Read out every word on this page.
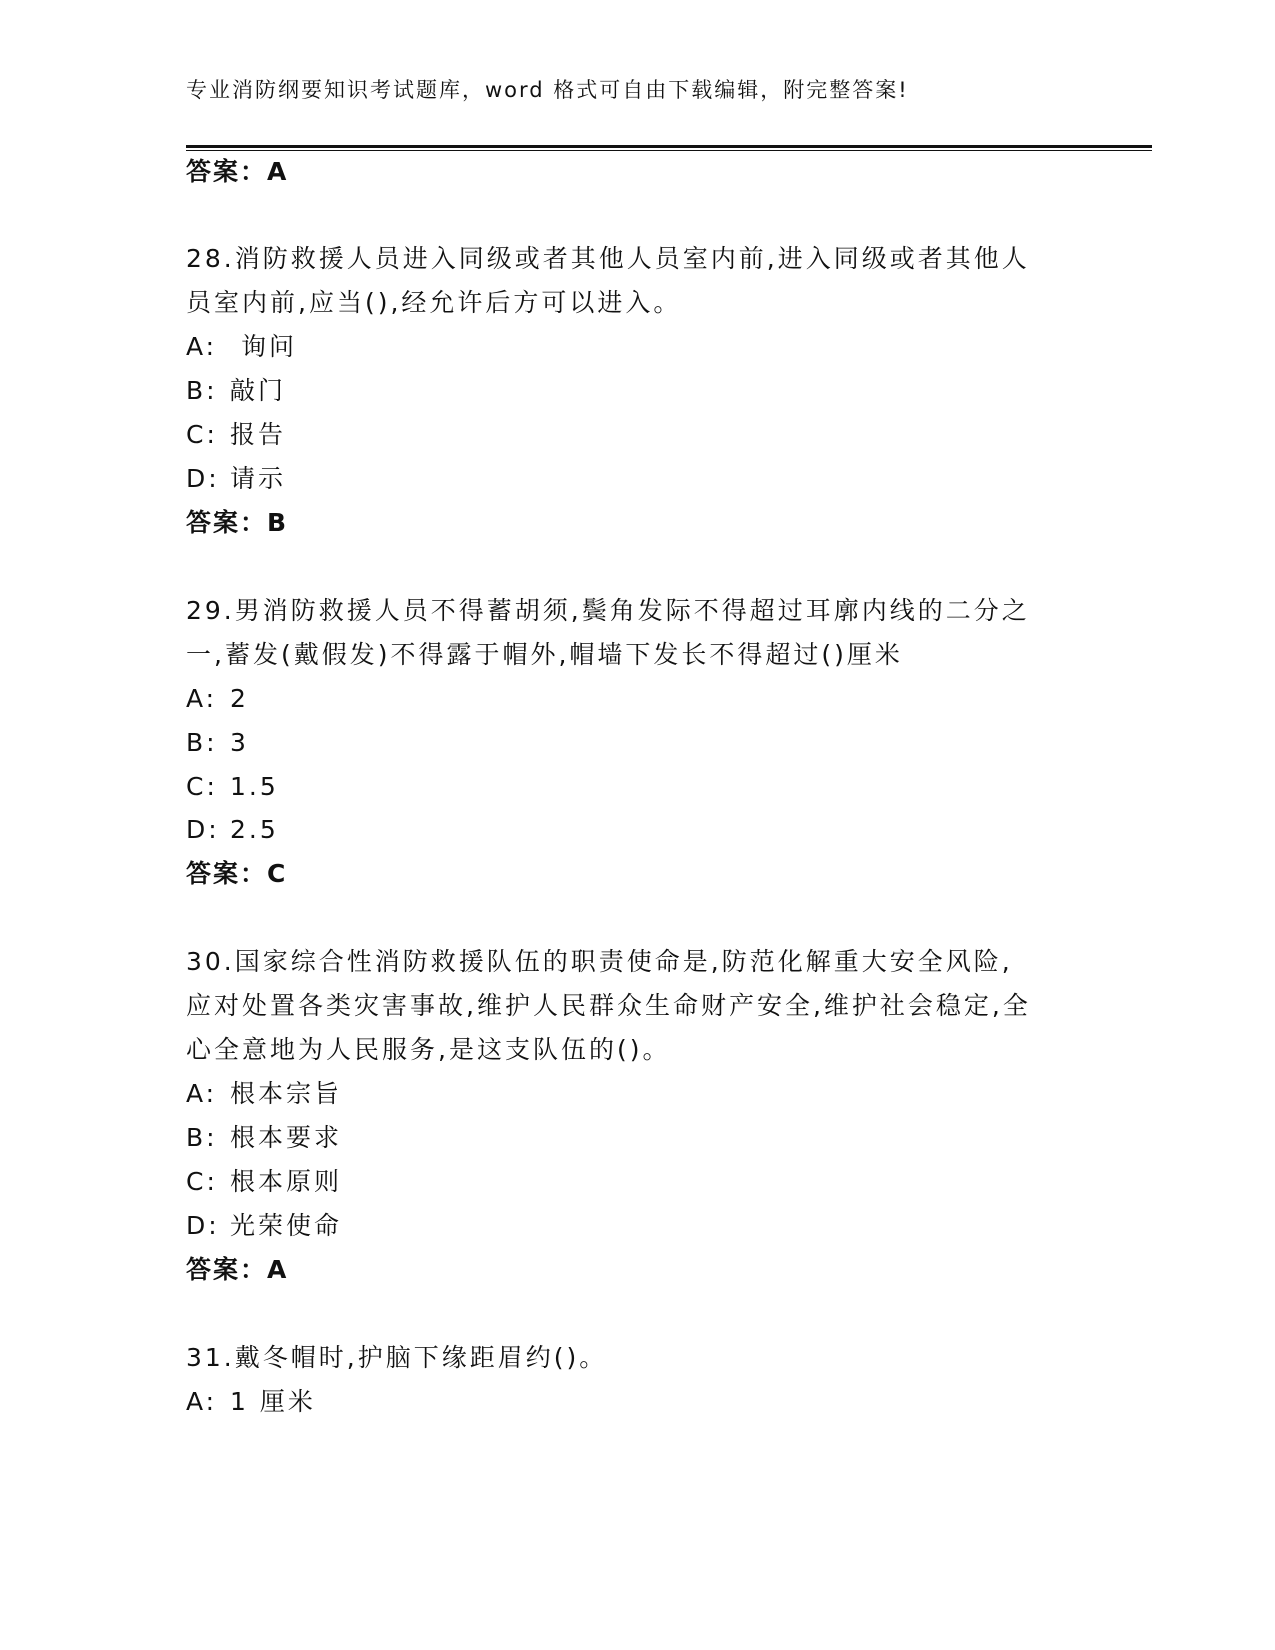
专业消防纲要知识考试题库，word 格式可自由下载编辑，附完整答案!
答案：A
28.消防救援人员进入同级或者其他人员室内前,进入同级或者其他人
员室内前,应当(),经允许后方可以进入。
A: 询问
B: 敲门
C: 报告
D: 请示
答案：B
29.男消防救援人员不得蓄胡须,鬓角发际不得超过耳廓内线的二分之
一,蓄发(戴假发)不得露于帽外,帽墙下发长不得超过()厘米
A: 2
B: 3
C: 1.5
D: 2.5
答案：C
30.国家综合性消防救援队伍的职责使命是,防范化解重大安全风险,
应对处置各类灾害事故,维护人民群众生命财产安全,维护社会稳定,全
心全意地为人民服务,是这支队伍的()。
A: 根本宗旨
B: 根本要求
C: 根本原则
D: 光荣使命
答案：A
31.戴冬帽时,护脑下缘距眉约()。
A: 1 厘米
